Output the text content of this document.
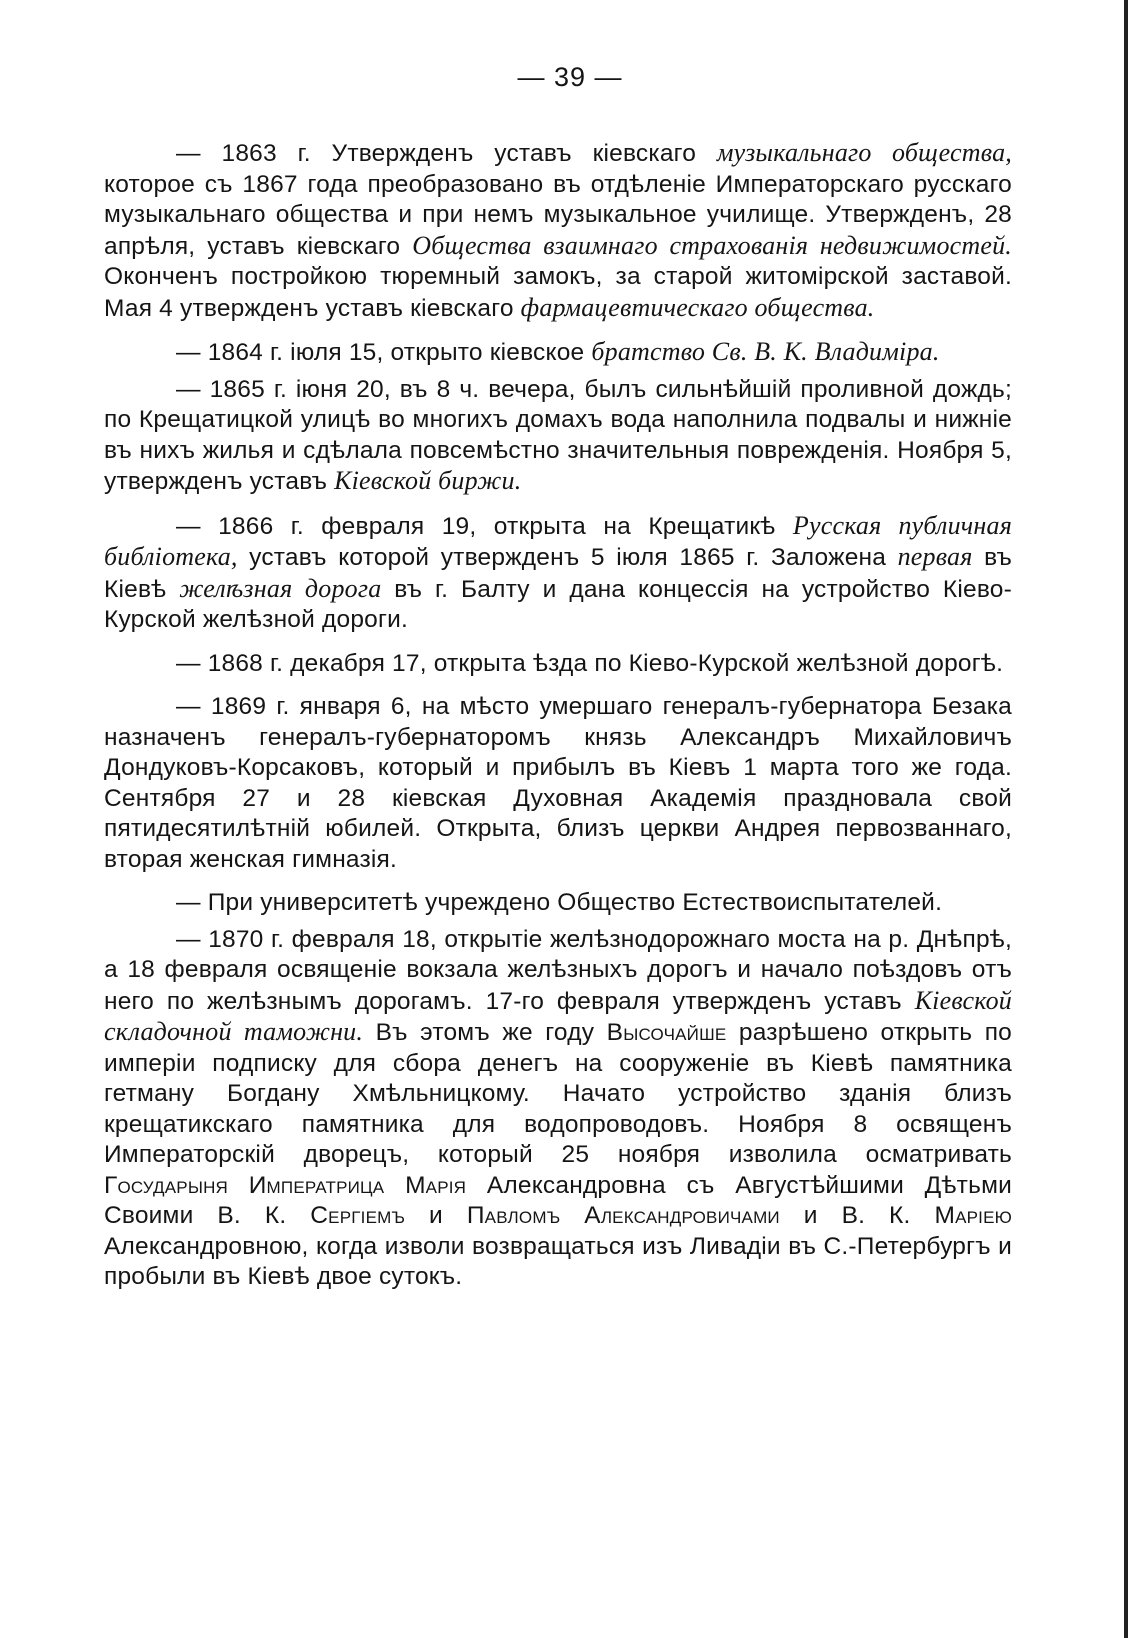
— 39 —

— 1863 г. Утвержденъ уставъ кіевскаго музыкальнаго общества, которое съ 1867 года преобразовано въ отдѣленіе Императорскаго русскаго музыкальнаго общества и при немъ музыкальное училище. Утвержденъ, 28 апрѣля, уставъ кіевскаго Общества взаимнаго страхованія недвижимостей. Оконченъ постройкою тюремный замокъ, за старой житомірской заставой. Мая 4 утвержденъ уставъ кіевскаго фармацевтическаго общества.

— 1864 г. іюля 15, открыто кіевское братство Св. В. К. Владиміра.

— 1865 г. іюня 20, въ 8 ч. вечера, былъ сильнѣйшій проливной дождь; по Крещатицкой улицѣ во многихъ домахъ вода наполнила подвалы и нижніе въ нихъ жилья и сдѣлала повсемѣстно значительныя поврежденія. Ноября 5, утвержденъ уставъ Кіевской биржи.

— 1866 г. февраля 19, открыта на Крещатикѣ Русская публичная библіотека, уставъ которой утвержденъ 5 іюля 1865 г. Заложена первая въ Кіевѣ желѣзная дорога въ г. Балту и дана концессія на устройство Кіево-Курской желѣзной дороги.

— 1868 г. декабря 17, открыта ѣзда по Кіево-Курской желѣзной дорогѣ.

— 1869 г. января 6, на мѣсто умершаго генералъ-губернатора Безака назначенъ генералъ-губернаторомъ князь Александръ Михайловичъ Дондуковъ-Корсаковъ, который и прибылъ въ Кіевъ 1 марта того же года. Сентября 27 и 28 кіевская Духовная Академія праздновала свой пятидесятилѣтній юбилей. Открыта, близъ церкви Андрея первозваннаго, вторая женская гимназія.

— При университетѣ учреждено Общество Естествоиспытателей.

— 1870 г. февраля 18, открытіе желѣзнодорожнаго моста на р. Днѣпрѣ, а 18 февраля освященіе вокзала желѣзныхъ дорогъ и начало поѣздовъ отъ него по желѣзнымъ дорогамъ. 17-го февраля утвержденъ уставъ Кіевской складочной таможни. Въ этомъ же году Высочайше разрѣшено открыть по имперіи подписку для сбора денегъ на сооруженіе въ Кіевѣ памятника гетману Богдану Хмѣльницкому. Начато устройство зданія близъ крещатикскаго памятника для водопроводовъ. Ноября 8 освященъ Императорскій дворецъ, который 25 ноября изволила осматривать Государыня Императрица Марія Александровна съ Августѣйшими Дѣтьми Своими В. К. Сергіемъ и Павломъ Александровичами и В. К. Маріею Александровною, когда изволи возвращаться изъ Ливадіи въ С.-Петербургъ и пробыли въ Кіевѣ двое сутокъ.
